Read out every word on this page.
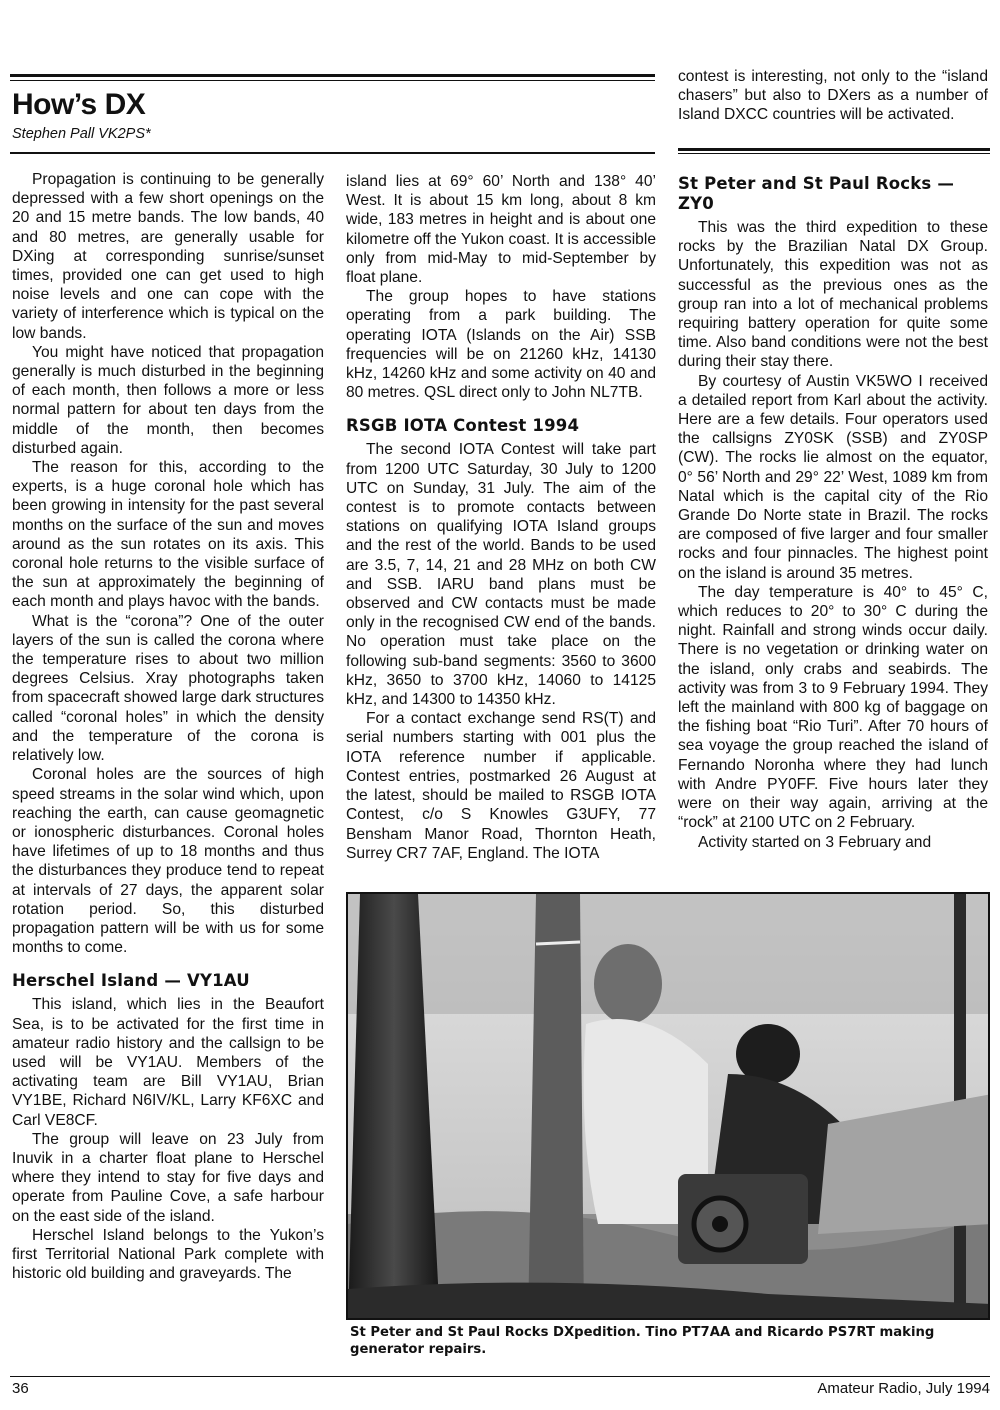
How’s DX
Stephen Pall VK2PS*

Propagation is continuing to be generally depressed with a few short openings on the 20 and 15 metre bands. The low bands, 40 and 80 metres, are generally usable for DXing at corresponding sunrise/sunset times, provided one can get used to high noise levels and one can cope with the variety of interference which is typical on the low bands.

You might have noticed that propagation generally is much disturbed in the beginning of each month, then follows a more or less normal pattern for about ten days from the middle of the month, then becomes disturbed again.

The reason for this, according to the experts, is a huge coronal hole which has been growing in intensity for the past several months on the surface of the sun and moves around as the sun rotates on its axis. This coronal hole returns to the visible surface of the sun at approximately the beginning of each month and plays havoc with the bands.

What is the “corona”? One of the outer layers of the sun is called the corona where the temperature rises to about two million degrees Celsius. Xray photographs taken from spacecraft showed large dark structures called “coronal holes” in which the density and the temperature of the corona is relatively low.

Coronal holes are the sources of high speed streams in the solar wind which, upon reaching the earth, can cause geomagnetic or ionospheric disturbances. Coronal holes have lifetimes of up to 18 months and thus the disturbances they produce tend to repeat at intervals of 27 days, the apparent solar rotation period. So, this disturbed propagation pattern will be with us for some months to come.

Herschel Island — VY1AU

This island, which lies in the Beaufort Sea, is to be activated for the first time in amateur radio history and the callsign to be used will be VY1AU. Members of the activating team are Bill VY1AU, Brian VY1BE, Richard N6IV/KL, Larry KF6XC and Carl VE8CF.

The group will leave on 23 July from Inuvik in a charter float plane to Herschel where they intend to stay for five days and operate from Pauline Cove, a safe harbour on the east side of the island.

Herschel Island belongs to the Yukon’s first Territorial National Park complete with historic old building and graveyards. The

island lies at 69° 60’ North and 138° 40’ West. It is about 15 km long, about 8 km wide, 183 metres in height and is about one kilometre off the Yukon coast. It is accessible only from mid-May to mid-September by float plane.

The group hopes to have stations operating from a park building. The operating IOTA (Islands on the Air) SSB frequencies will be on 21260 kHz, 14130 kHz, 14260 kHz and some activity on 40 and 80 metres. QSL direct only to John NL7TB.

RSGB IOTA Contest 1994

The second IOTA Contest will take part from 1200 UTC Saturday, 30 July to 1200 UTC on Sunday, 31 July. The aim of the contest is to promote contacts between stations on qualifying IOTA Island groups and the rest of the world. Bands to be used are 3.5, 7, 14, 21 and 28 MHz on both CW and SSB. IARU band plans must be observed and CW contacts must be made only in the recognised CW end of the bands. No operation must take place on the following sub-band segments: 3560 to 3600 kHz, 3650 to 3700 kHz, 14060 to 14125 kHz, and 14300 to 14350 kHz.

For a contact exchange send RS(T) and serial numbers starting with 001 plus the IOTA reference number if applicable. Contest entries, postmarked 26 August at the latest, should be mailed to RSGB IOTA Contest, c/o S Knowles G3UFY, 77 Bensham Manor Road, Thornton Heath, Surrey CR7 7AF, England. The IOTA

contest is interesting, not only to the “island chasers” but also to DXers as a number of Island DXCC countries will be activated.

St Peter and St Paul Rocks — ZY0

This was the third expedition to these rocks by the Brazilian Natal DX Group. Unfortunately, this expedition was not as successful as the previous ones as the group ran into a lot of mechanical problems requiring battery operation for quite some time. Also band conditions were not the best during their stay there.

By courtesy of Austin VK5WO I received a detailed report from Karl about the activity. Here are a few details. Four operators used the callsigns ZY0SK (SSB) and ZY0SP (CW). The rocks lie almost on the equator, 0° 56’ North and 29° 22’ West, 1089 km from Natal which is the capital city of the Rio Grande Do Norte state in Brazil. The rocks are composed of five larger and four smaller rocks and four pinnacles. The highest point on the island is around 35 metres.

The day temperature is 40° to 45° C, which reduces to 20° to 30° C during the night. Rainfall and strong winds occur daily. There is no vegetation or drinking water on the island, only crabs and seabirds. The activity was from 3 to 9 February 1994. They left the mainland with 800 kg of baggage on the fishing boat “Rio Turi”. After 70 hours of sea voyage the group reached the island of Fernando Noronha where they had lunch with Andre PY0FF. Five hours later they were on their way again, arriving at the “rock” at 2100 UTC on 2 February.

Activity started on 3 February and

St Peter and St Paul Rocks DXpedition. Tino PT7AA and Ricardo PS7RT making generator repairs.
36	Amateur Radio, July 1994
